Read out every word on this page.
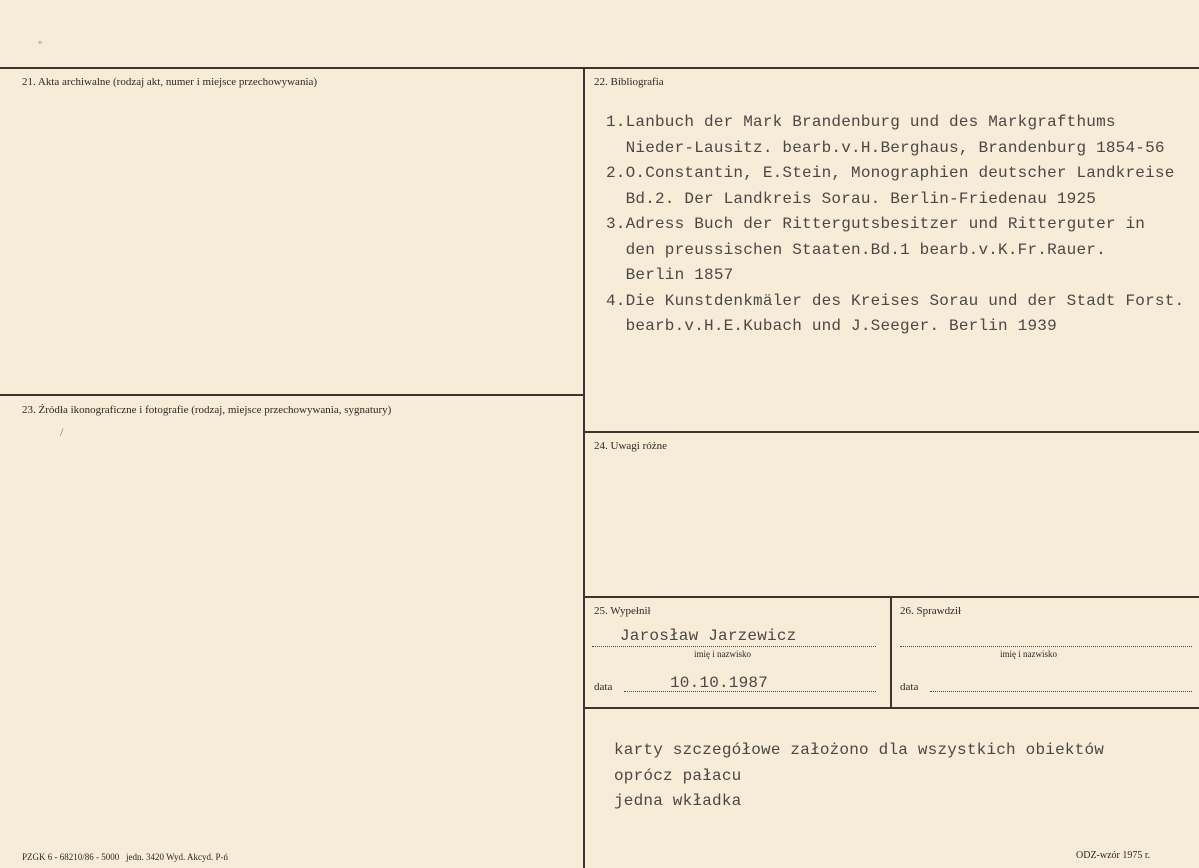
◦
/
21. Akta archiwalne (rodzaj akt, numer i miejsce przechowywania)
23. Źródła ikonograficzne i fotografie (rodzaj, miejsce przechowywania, sygnatury)
22. Bibliografia
1.Lanbuch der Mark Brandenburg und des Markgrafthums
Nieder-Lausitz. bearb.v.H.Berghaus, Brandenburg 1854-56
2.O.Constantin, E.Stein, Monographien deutscher Landkreise
Bd.2. Der Landkreis Sorau. Berlin-Friedenau 1925
3.Adress Buch der Rittergutsbesitzer und Ritterguter in
den preussischen Staaten.Bd.1 bearb.v.K.Fr.Rauer.
Berlin 1857
4.Die Kunstdenkmäler des Kreises Sorau und der Stadt Forst.
bearb.v.H.E.Kubach und J.Seeger. Berlin 1939
24. Uwagi różne
25. Wypełnił
Jarosław Jarzewicz
imię i nazwisko
data	10.10.1987
26. Sprawdził
imię i nazwisko
data
karty szczegółowe założono dla wszystkich obiektów
oprócz pałacu
jedna wkładka
PZGK 6 - 68210/86 - 5000   jedn. 3420 Wyd. Akcyd. P-ń	ODZ-wzór 1975 r.
